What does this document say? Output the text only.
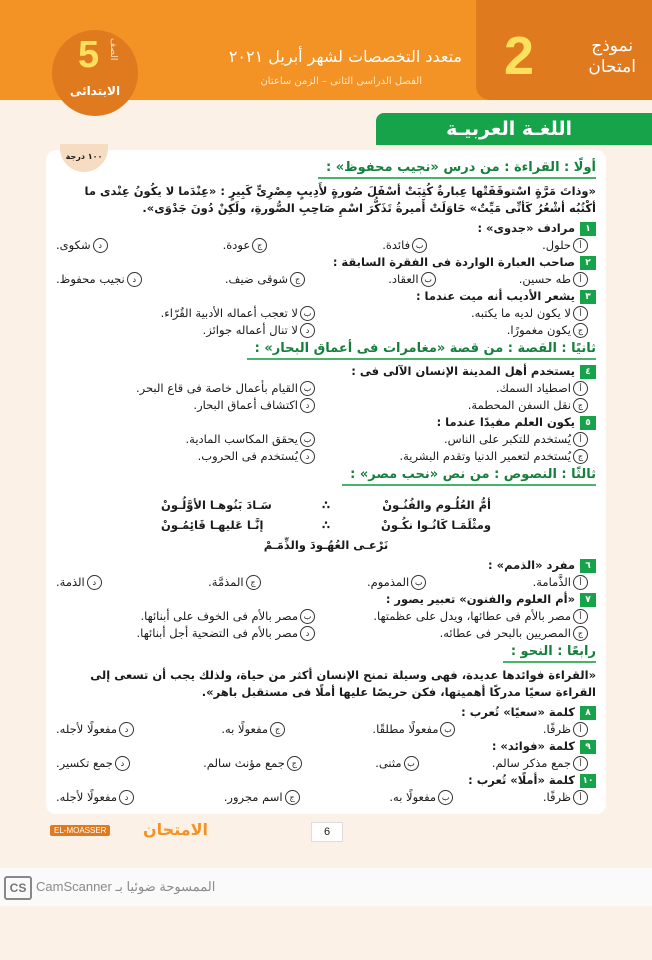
نموذج
امتحان
2
متعدد التخصصات لشهر أبريل ٢٠٢١
الفصل الدراسى الثانى – الزمن ساعتان
5 الصف
الابتدائى
اللغـة العربيـة
١٠٠ درجة
أولًا : القراءة : من درس «نجيب محفوظ» :
«وذاتَ مَرَّةٍ اسْتوقَفَتْها عِبارةٌ كُتِبَتْ أسْفَلَ صُورةٍ لأَدِيبٍ مِصْرِىٍّ كَبِيرٍ : «عِنْدَما لا يكُونُ عِنْدى ما أكْتُبُه أشْعُرُ كَأنِّى مَيِّتٌ» حَاوَلَتْ أَميرةُ تَذَكُّرَ اسْمِ صَاحِبِ الصُّورةِ، ولَكِنْ دُونَ جَدْوَى».
١مرادف «جدوى» :
أحلول.
بفائدة.
جعودة.
دشكوى.
٢صاحب العبارة الواردة فى الفقرة السابقة :
أطه حسين.
بالعقاد.
جشوقى ضيف.
دنجيب محفوظ.
٣يشعر الأديب أنه ميت عندما :
ألا يكون لديه ما يكتبه.
بلا تعجب أعماله الأدبية القُرّاء.
جيكون مغمورًا.
دلا تنال أعماله جوائز.
ثانيًا : القصة : من قصة «مغامرات فى أعماق البحار» :
٤يستخدم أهل المدينة الإنسان الآلى فى :
أاصطياد السمك.
بالقيام بأعمال خاصة فى قاع البحر.
جنقل السفن المحطمة.
داكتشاف أعماق البحار.
٥يكون العلم مفيدًا عندما :
أيُستخدم للتكبر على الناس.
بيحقق المكاسب المادية.
جيُستخدم لتعمير الدنيا وتقدم البشرية.
ديُستخدم فى الحروب.
ثالثًا : النصوص : من نص «نحب مصر» :
أمُّ العُلُـوم والفُنُـونْ
∴
سَـادَ بَنُوهـا الأوَّلُـونْ
ومثْلَمَـا كَانُـوا نكُـونْ
∴
إنَّـا عَليهـا قَائِمُـونْ
نَرْعـى العُهُـودَ والذِّمَـمْ
٦مفرد «الذمم» :
أالذَّمامة.
بالمذموم.
جالمذمَّة.
دالذمة.
٧«أم العلوم والفنون» تعبير يصور :
أمصر بالأم فى عطائها، ويدل على عظمتها.
بمصر بالأم فى الخوف على أبنائها.
جالمصريين بالبحر فى عطائه.
دمصر بالأم فى التضحية أجل أبنائها.
رابعًا : النحو :
«القراءة فوائدها عديدة، فهى وسيلة تمنح الإنسان أكثر من حياة، ولذلك يجب أن تسعى إلى القراءة سعيًا مدركًا أهميتها، فكن حريصًا عليها أملًا فى مستقبل باهر».
٨كلمة «سعيًا» تُعرب :
أظرفًا.
بمفعولًا مطلقًا.
جمفعولًا به.
دمفعولًا لأجله.
٩كلمة «فوائد» :
أجمع مذكر سالم.
بمثنى.
ججمع مؤنث سالم.
دجمع تكسير.
١٠كلمة «أملًا» تُعرب :
أظرفًا.
بمفعولًا به.
جاسم مجرور.
دمفعولًا لأجله.
EL-MOASSER الامتحان	6
CS الممسوحة ضوئيا بـ CamScanner
